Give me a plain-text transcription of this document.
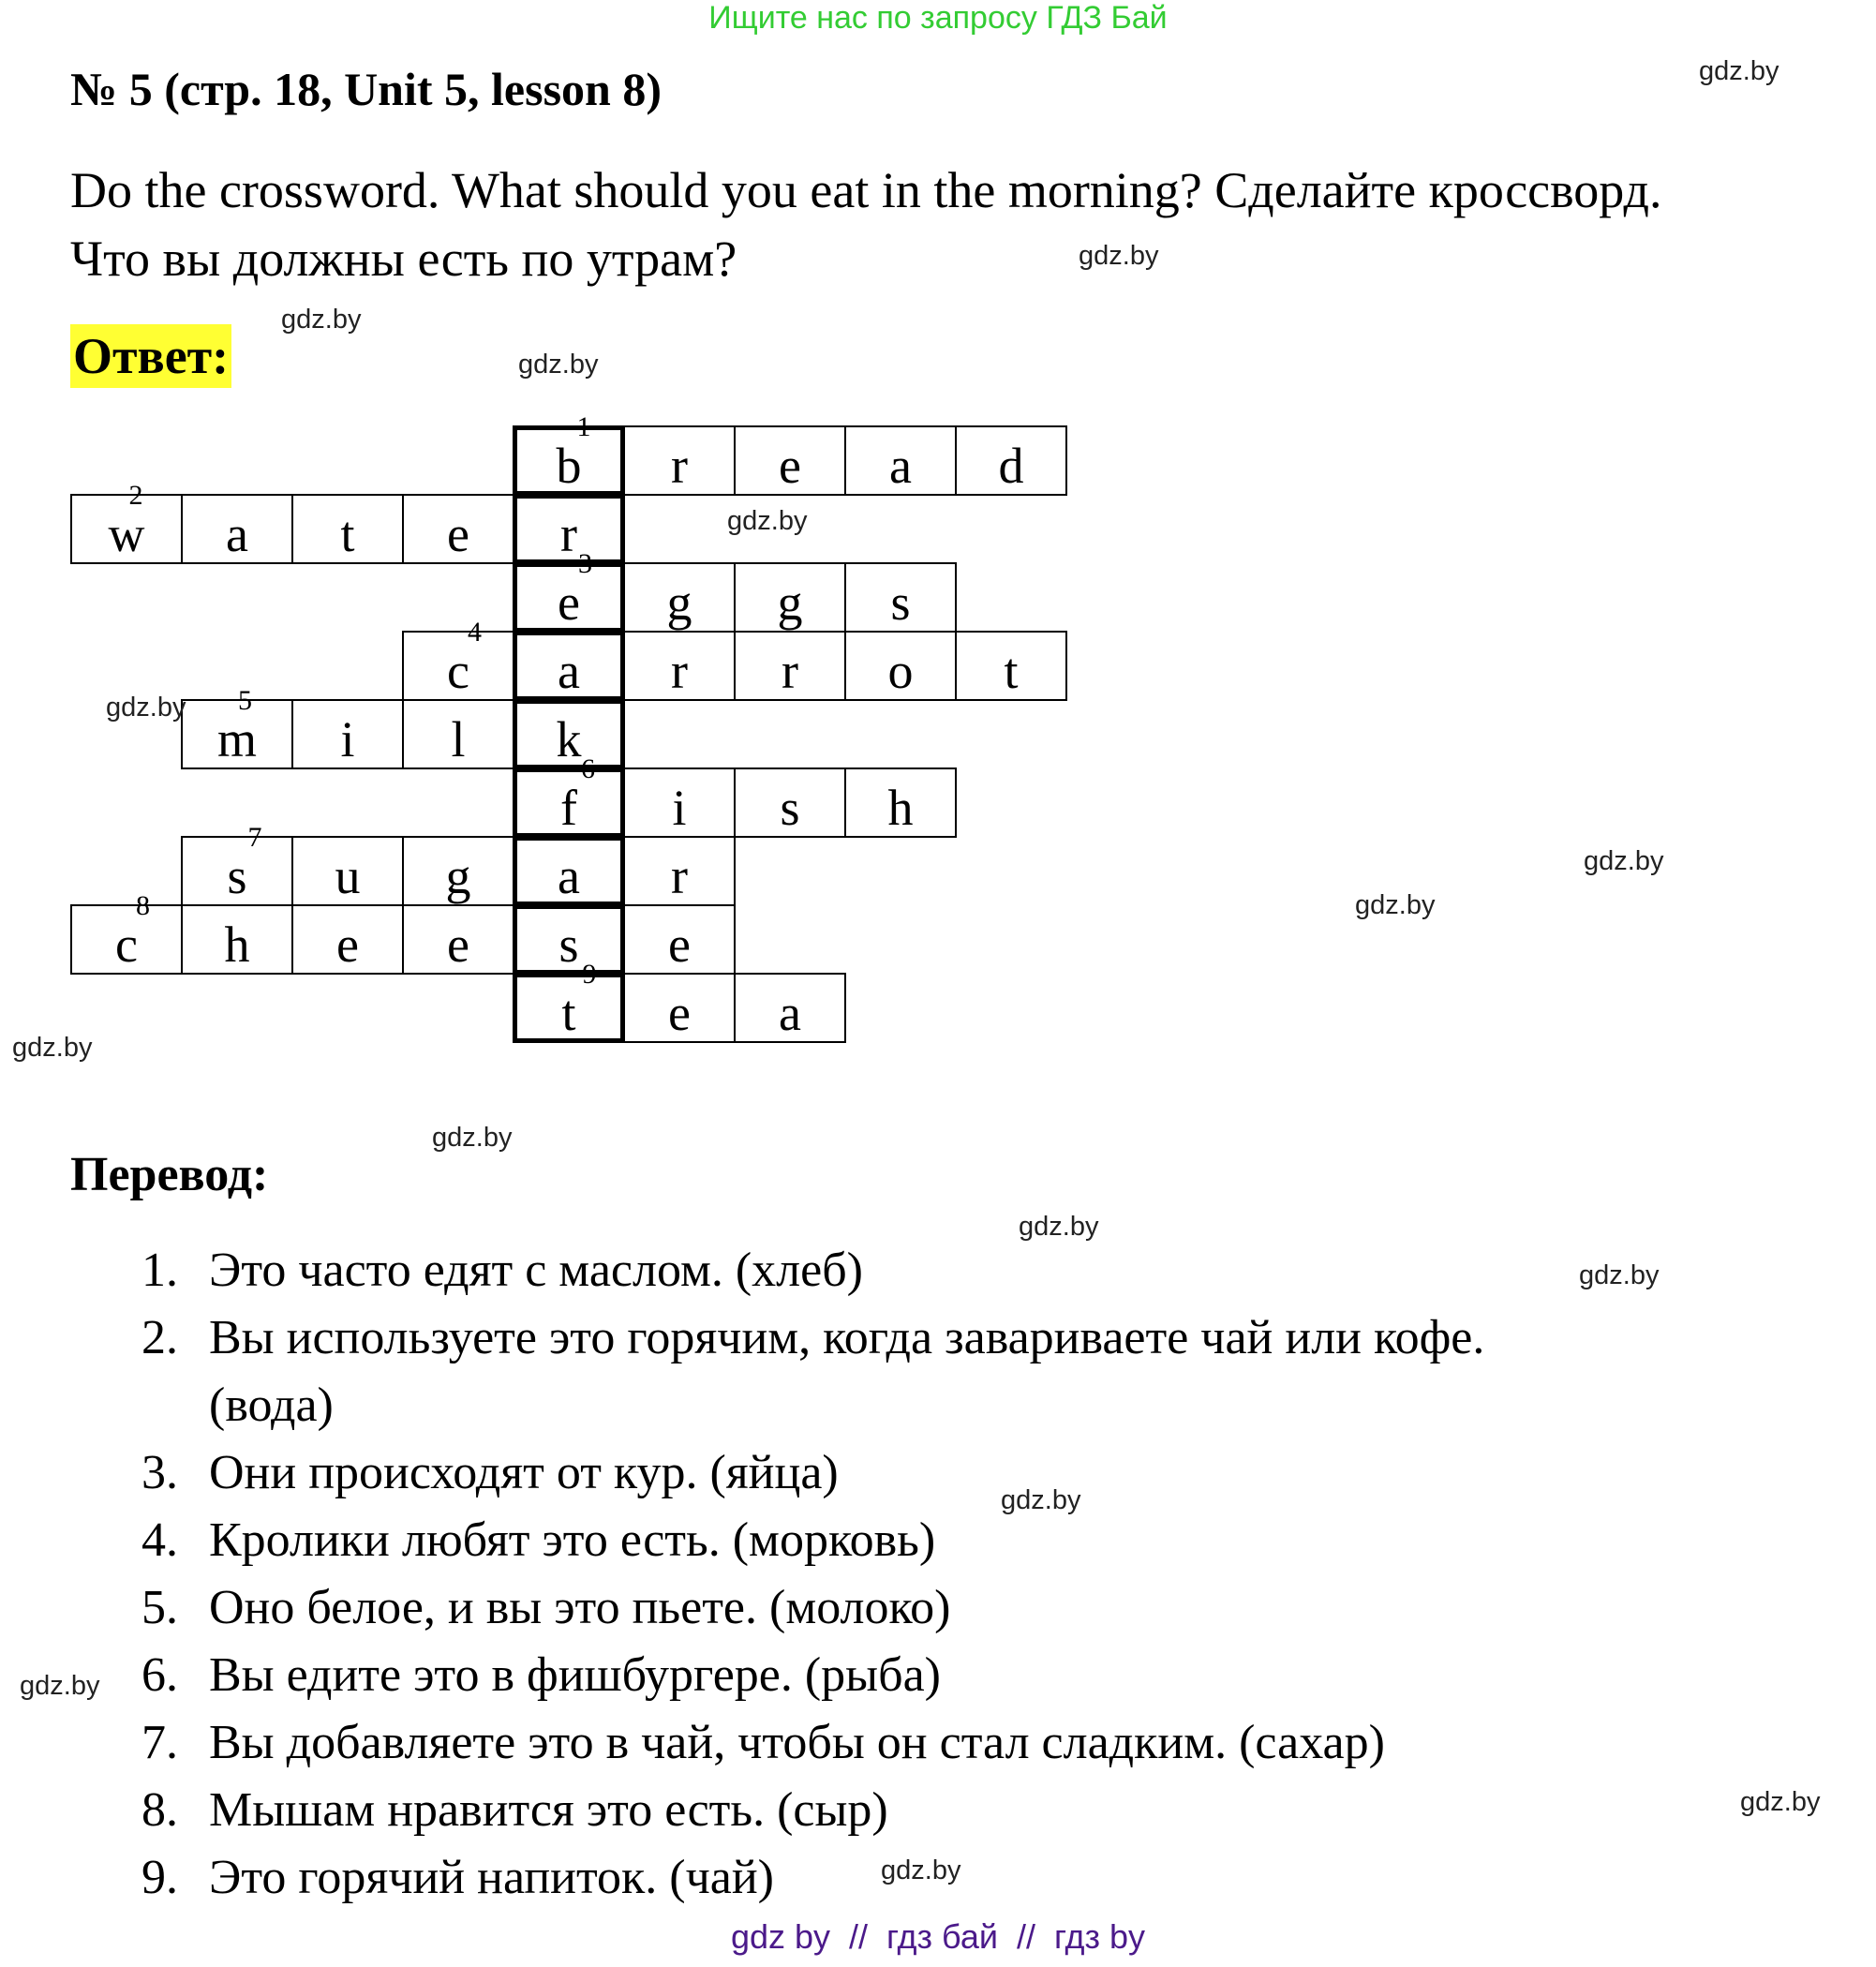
Ищите нас по запросу ГДЗ Бай
№ 5 (стр. 18, Unit 5, lesson 8)
Do the crossword. What should you eat in the morning? Сделайте кроссворд.
Что вы должны есть по утрам?
Ответ:
1
b	r	e	a	d
2
w	a	t	e	r
3
e	g	g	s
4
c	a	r	r	o	t
5
m	i	l	k
6
f	i	s	h
7
s	u	g	a	r
8
c	h	e	e	s	e
9
t	e	a
Перевод:
1. Это часто едят с маслом. (хлеб)
2. Вы используете это горячим, когда завариваете чай или кофе.
(вода)
3. Они происходят от кур. (яйца)
4. Кролики любят это есть. (морковь)
5. Оно белое, и вы это пьете. (молоко)
6. Вы едите это в фишбургере. (рыба)
7. Вы добавляете это в чай, чтобы он стал сладким. (сахар)
8. Мышам нравится это есть. (сыр)
9. Это горячий напиток. (чай)
gdz.by
gdz.by
gdz.by
gdz.by
gdz.by
gdz.by
gdz.by
gdz.by
gdz.by
gdz.by
gdz.by
gdz.by
gdz.by
gdz.by
gdz.by
gdz.by
gdz by  //  гдз бай  //  гдз by
